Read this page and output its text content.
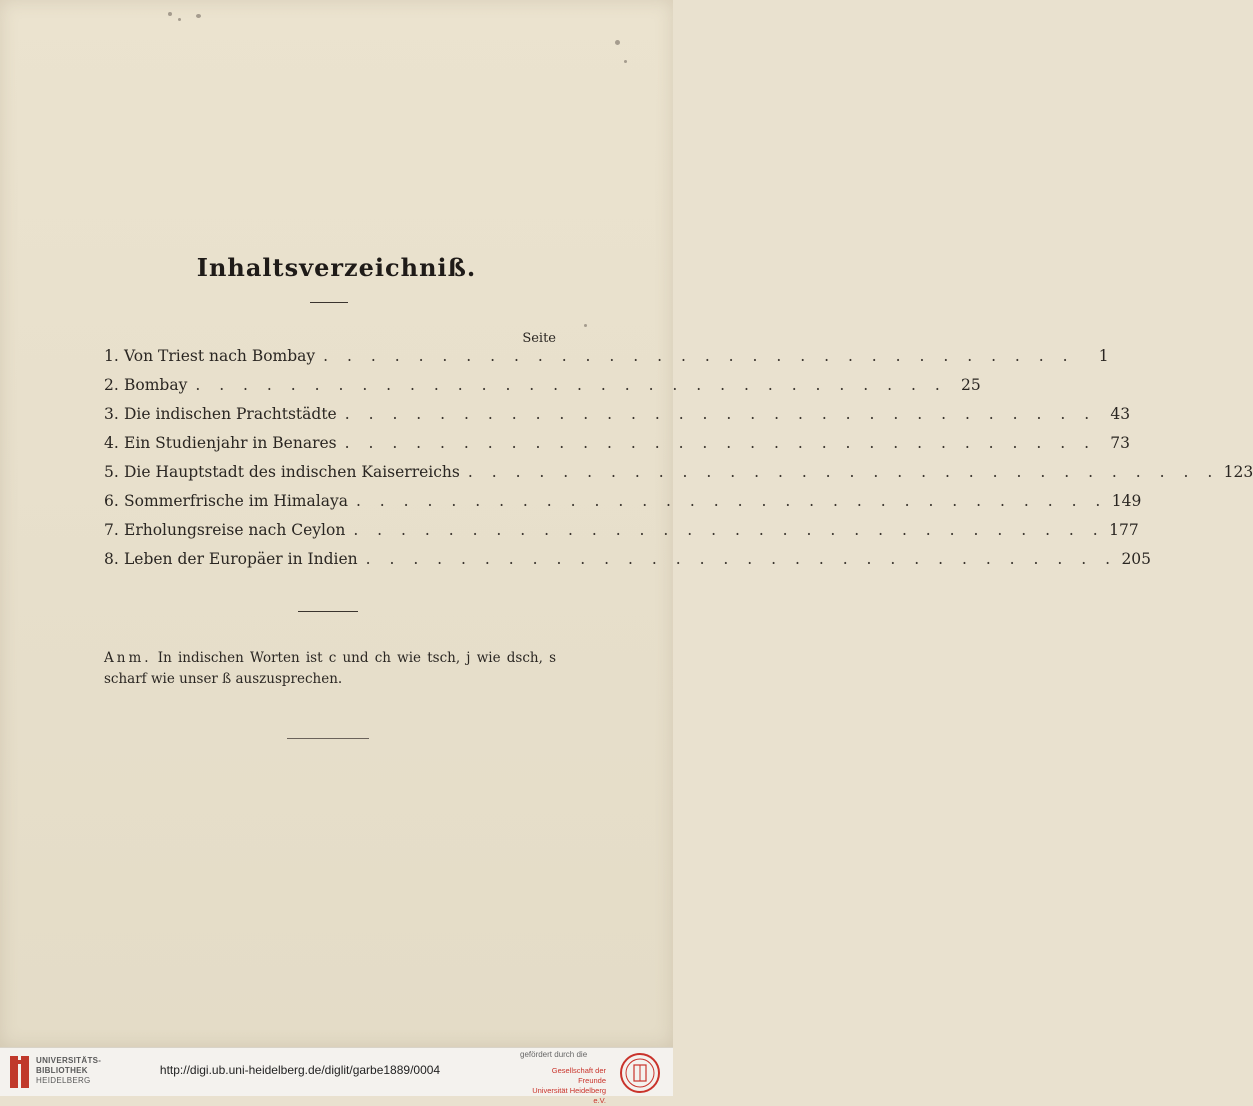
Inhaltsverzeichniß.
Seite
1. Von Triest nach Bombay . . . . . . . . . . . . . . . . . . . . . . . . . . . . . . . .	1
2. Bombay . . . . . . . . . . . . . . . . . . . . . . . . . . . . . . . . 25
3. Die indischen Prachtstädte . . . . . . . . . . . . . . . . . . . . . . . . . . . . . . . . 43
4. Ein Studienjahr in Benares . . . . . . . . . . . . . . . . . . . . . . . . . . . . . . . . 73
5. Die Hauptstadt des indischen Kaiserreichs . . . . . . . . . . . . . . . . . . . . . . . . . . . . . . . . 123
6. Sommerfrische im Himalaya . . . . . . . . . . . . . . . . . . . . . . . . . . . . . . . . 149
7. Erholungsreise nach Ceylon . . . . . . . . . . . . . . . . . . . . . . . . . . . . . . . . 177
8. Leben der Europäer in Indien . . . . . . . . . . . . . . . . . . . . . . . . . . . . . . . . 205
Anm. In indischen Worten ist c und ch wie tsch, j wie dsch, s scharf wie unser ß auszusprechen.
UNIVERSITÄTS-
BIBLIOTHEK
HEIDELBERG
http://digi.ub.uni-heidelberg.de/diglit/garbe1889/0004
gefördert durch die
Gesellschaft der Freunde
Universität Heidelberg e.V.
